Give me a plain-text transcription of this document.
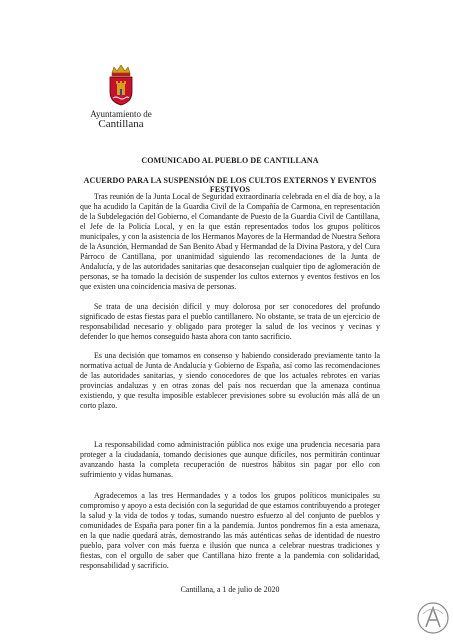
Ayuntamiento de
Cantillana
COMUNICADO AL PUEBLO DE CANTILLANA
ACUERDO PARA LA SUSPENSIÓN DE LOS CULTOS EXTERNOS Y EVENTOS FESTIVOS

Tras reunión de la Junta Local de Seguridad extraordinaria celebrada en el día de hoy, a la que ha acudido la Capitán de la Guardia Civil de la Compañía de Carmona, en representación de la Subdelegación del Gobierno, el Comandante de Puesto de la Guardia Civil de Cantillana, el Jefe de la Policía Local, y en la que están representados todos los grupos políticos municipales, y con la asistencia de los Hermanos Mayores de la Hermandad de Nuestra Señora de la Asunción, Hermandad de San Benito Abad y Hermandad de la Divina Pastora, y del Cura Párroco de Cantillana, por unanimidad siguiendo las recomendaciones de la Junta de Andalucía, y de las autoridades sanitarias que desaconsejan cualquier tipo de aglomeración de personas, se ha tomado la decisión de suspender los cultos externos y eventos festivos en los que existen una coincidencia masiva de personas.

Se trata de una decisión difícil y muy dolorosa por ser conocedores del profundo significado de estas fiestas para el pueblo cantillanero. No obstante, se trata de un ejercicio de responsabilidad necesario y obligado para proteger la salud de los vecinos y vecinas y defender lo que hemos conseguido hasta ahora con tanto sacrificio.

Es una decisión que tomamos en consenso y habiendo considerado previamente tanto la normativa actual de Junta de Andalucía y Gobierno de España, así como las recomendaciones de las autoridades sanitarias, y siendo conocedores de que los actuales rebrotes en varias provincias andaluzas y en otras zonas del país nos recuerdan que la amenaza continua existiendo, y que resulta imposible establecer previsiones sobre su evolución más allá de un corto plazo.

La responsabilidad como administración pública nos exige una prudencia necesaria para proteger a la ciudadanía, tomando decisiones que aunque difíciles, nos permitirán continuar avanzando hasta la completa recuperación de nuestros hábitos sin pagar por ello con sufrimiento y vidas humanas.

Agradecemos a las tres Hermandades y a todos los grupos políticos municipales su compromiso y apoyo a esta decisión con la seguridad de que estamos contribuyendo a proteger la salud y la vida de todos y todas, sumando nuestro esfuerzo al del conjunto de pueblos y comunidades de España para poner fin a la pandemia. Juntos pondremos fin a esta amenaza, en la que nadie quedará atrás, demostrando las más auténticas señas de identidad de nuestro pueblo, para volver con más fuerza e ilusión que nunca a celebrar nuestras tradiciones y fiestas, con el orgullo de saber que Cantillana hizo frente a la pandemia con solidaridad, responsabilidad y sacrificio.

Cantillana, a 1 de julio de 2020
